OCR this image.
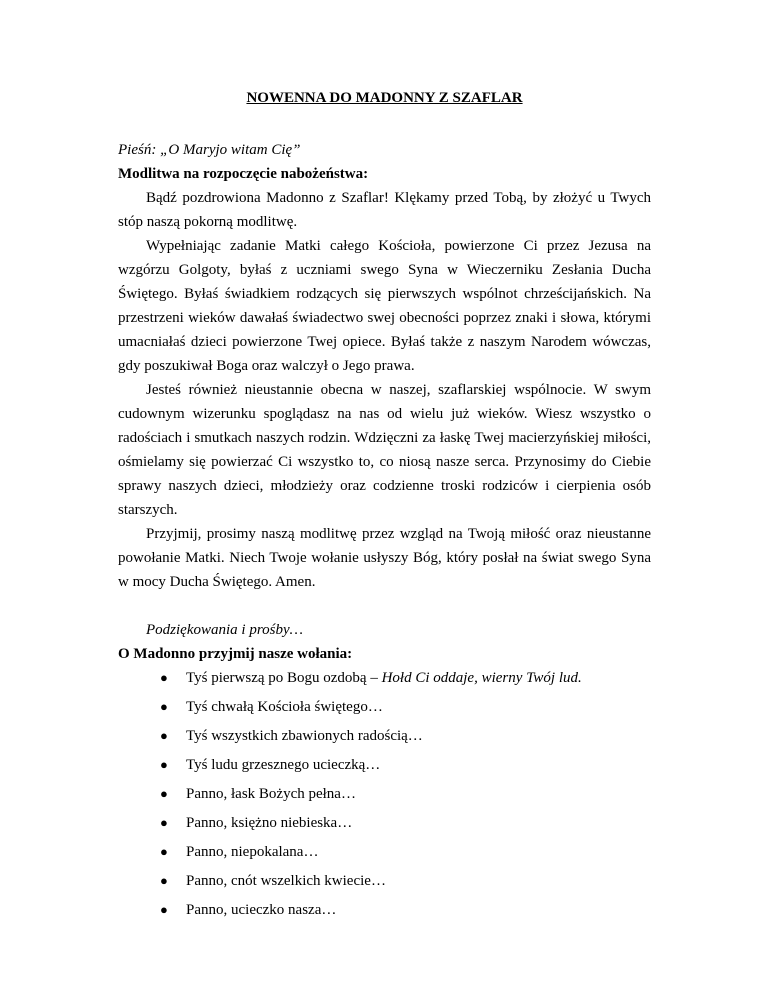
NOWENNA DO MADONNY Z SZAFLAR

Pieśń: „O Maryjo witam Cię”

Modlitwa na rozpoczęcie nabożeństwa:

Bądź pozdrowiona Madonno z Szaflar! Klękamy przed Tobą, by złożyć u Twych stóp naszą pokorną modlitwę.

Wypełniając zadanie Matki całego Kościoła, powierzone Ci przez Jezusa na wzgórzu Golgoty, byłaś z uczniami swego Syna w Wieczerniku Zesłania Ducha Świętego. Byłaś świadkiem rodzących się pierwszych wspólnot chrześcijańskich. Na przestrzeni wieków dawałaś świadectwo swej obecności poprzez znaki i słowa, którymi umacniałaś dzieci powierzone Twej opiece. Byłaś także z naszym Narodem wówczas, gdy poszukiwał Boga oraz walczył o Jego prawa.

Jesteś również nieustannie obecna w naszej, szaflarskiej wspólnocie. W swym cudownym wizerunku spoglądasz na nas od wielu już wieków. Wiesz wszystko o radościach i smutkach naszych rodzin. Wdzięczni za łaskę Twej macierzyńskiej miłości, ośmielamy się powierzać Ci wszystko to, co niosą nasze serca. Przynosimy do Ciebie sprawy naszych dzieci, młodzieży oraz codzienne troski rodziców i cierpienia osób starszych.

Przyjmij, prosimy naszą modlitwę przez wzgląd na Twoją miłość oraz nieustanne powołanie Matki. Niech Twoje wołanie usłyszy Bóg, który posłał na świat swego Syna w mocy Ducha Świętego. Amen.

Podziękowania i prośby…

O Madonno przyjmij nasze wołania:

● Tyś pierwszą po Bogu ozdobą – Hołd Ci oddaje, wierny Twój lud.
● Tyś chwałą Kościoła świętego…
● Tyś wszystkich zbawionych radością…
● Tyś ludu grzesznego ucieczką…
● Panno, łask Bożych pełna…
● Panno, księżno niebieska…
● Panno, niepokalana…
● Panno, cnót wszelkich kwiecie…
● Panno, ucieczko nasza…
